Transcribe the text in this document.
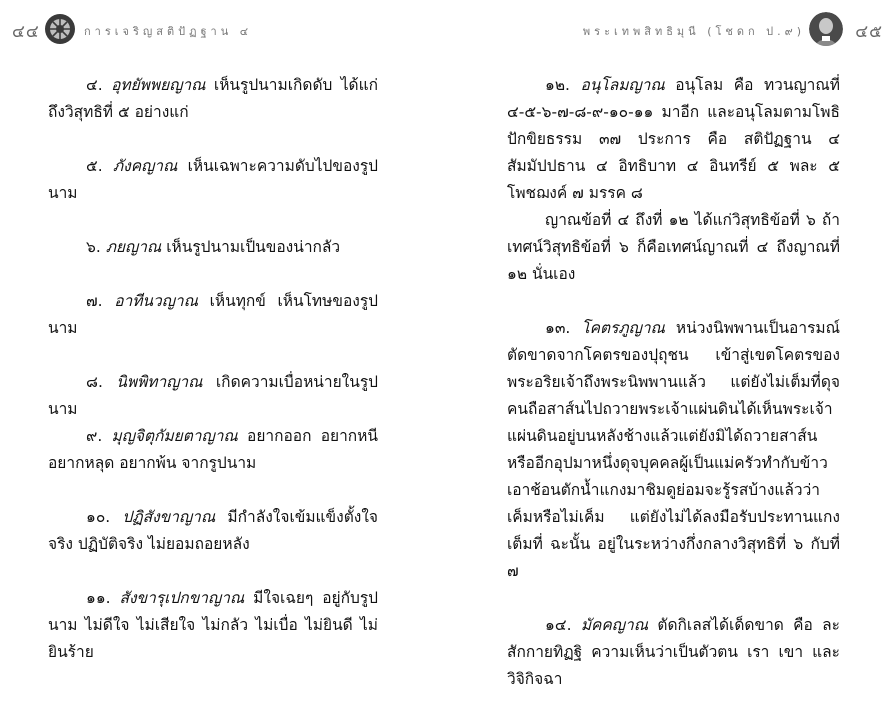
๔๔	การเจริญสติปัฏฐาน ๔	พระเทพสิทธิมุนี (โชดก ป.๙)	๔๕

๔. อุทยัพพยญาณ เห็นรูปนามเกิดดับ ได้แก่ถึงวิสุทธิที่ ๕ อย่างแก่

๕. ภังคญาณ เห็นเฉพาะความดับไปของรูปนาม

๖. ภยญาณ เห็นรูปนามเป็นของน่ากลัว

๗. อาทีนวญาณ เห็นทุกข์ เห็นโทษของรูปนาม

๘. นิพพิทาญาณ เกิดความเบื่อหน่ายในรูปนาม

๙. มุญจิตุกัมยตาญาณ อยากออก อยากหนี อยากหลุด อยากพ้น จากรูปนาม

๑๐. ปฏิสังขาญาณ มีกำลังใจเข้มแข็งตั้งใจจริง ปฏิบัติจริง ไม่ยอมถอยหลัง

๑๑. สังขารุเปกขาญาณ มีใจเฉยๆ อยู่กับรูปนาม ไม่ดีใจ ไม่เสียใจ ไม่กลัว ไม่เบื่อ ไม่ยินดี ไม่ยินร้าย

๑๒. อนุโลมญาณ อนุโลม คือ ทวนญาณที่ ๔-๕-๖-๗-๘-๙-๑๐-๑๑ มาอีก และอนุโลมตามโพธิปักขิยธรรม ๓๗ ประการ คือ สติปัฏฐาน ๔ สัมมัปปธาน ๔ อิทธิบาท ๔ อินทรีย์ ๕ พละ ๕ โพชฌงค์ ๗ มรรค ๘

ญาณข้อที่ ๔ ถึงที่ ๑๒ ได้แก่วิสุทธิข้อที่ ๖ ถ้าเทศน์วิสุทธิข้อที่ ๖ ก็คือเทศน์ญาณที่ ๔ ถึงญาณที่ ๑๒ นั่นเอง

๑๓. โคตรภูญาณ หน่วงนิพพานเป็นอารมณ์ ตัดขาดจากโคตรของปุถุชน เข้าสู่เขตโคตรของพระอริยเจ้าถึงพระนิพพานแล้ว แต่ยังไม่เต็มที่ดุจคนถือสาส์นไปถวายพระเจ้าแผ่นดินได้เห็นพระเจ้าแผ่นดินอยู่บนหลังช้างแล้วแต่ยังมิได้ถวายสาส์น หรืออีกอุปมาหนึ่งดุจบุคคลผู้เป็นแม่ครัวทำกับข้าว เอาช้อนตักน้ำแกงมาชิมดูย่อมจะรู้รสบ้างแล้วว่าเค็มหรือไม่เค็ม แต่ยังไม่ได้ลงมือรับประทานแกงเต็มที่ ฉะนั้น อยู่ในระหว่างกึ่งกลางวิสุทธิที่ ๖ กับที่ ๗

๑๔. มัคคญาณ ตัดกิเลสได้เด็ดขาด คือ ละสักกายทิฏฐิ ความเห็นว่าเป็นตัวตน เรา เขา และวิจิกิจฉา
